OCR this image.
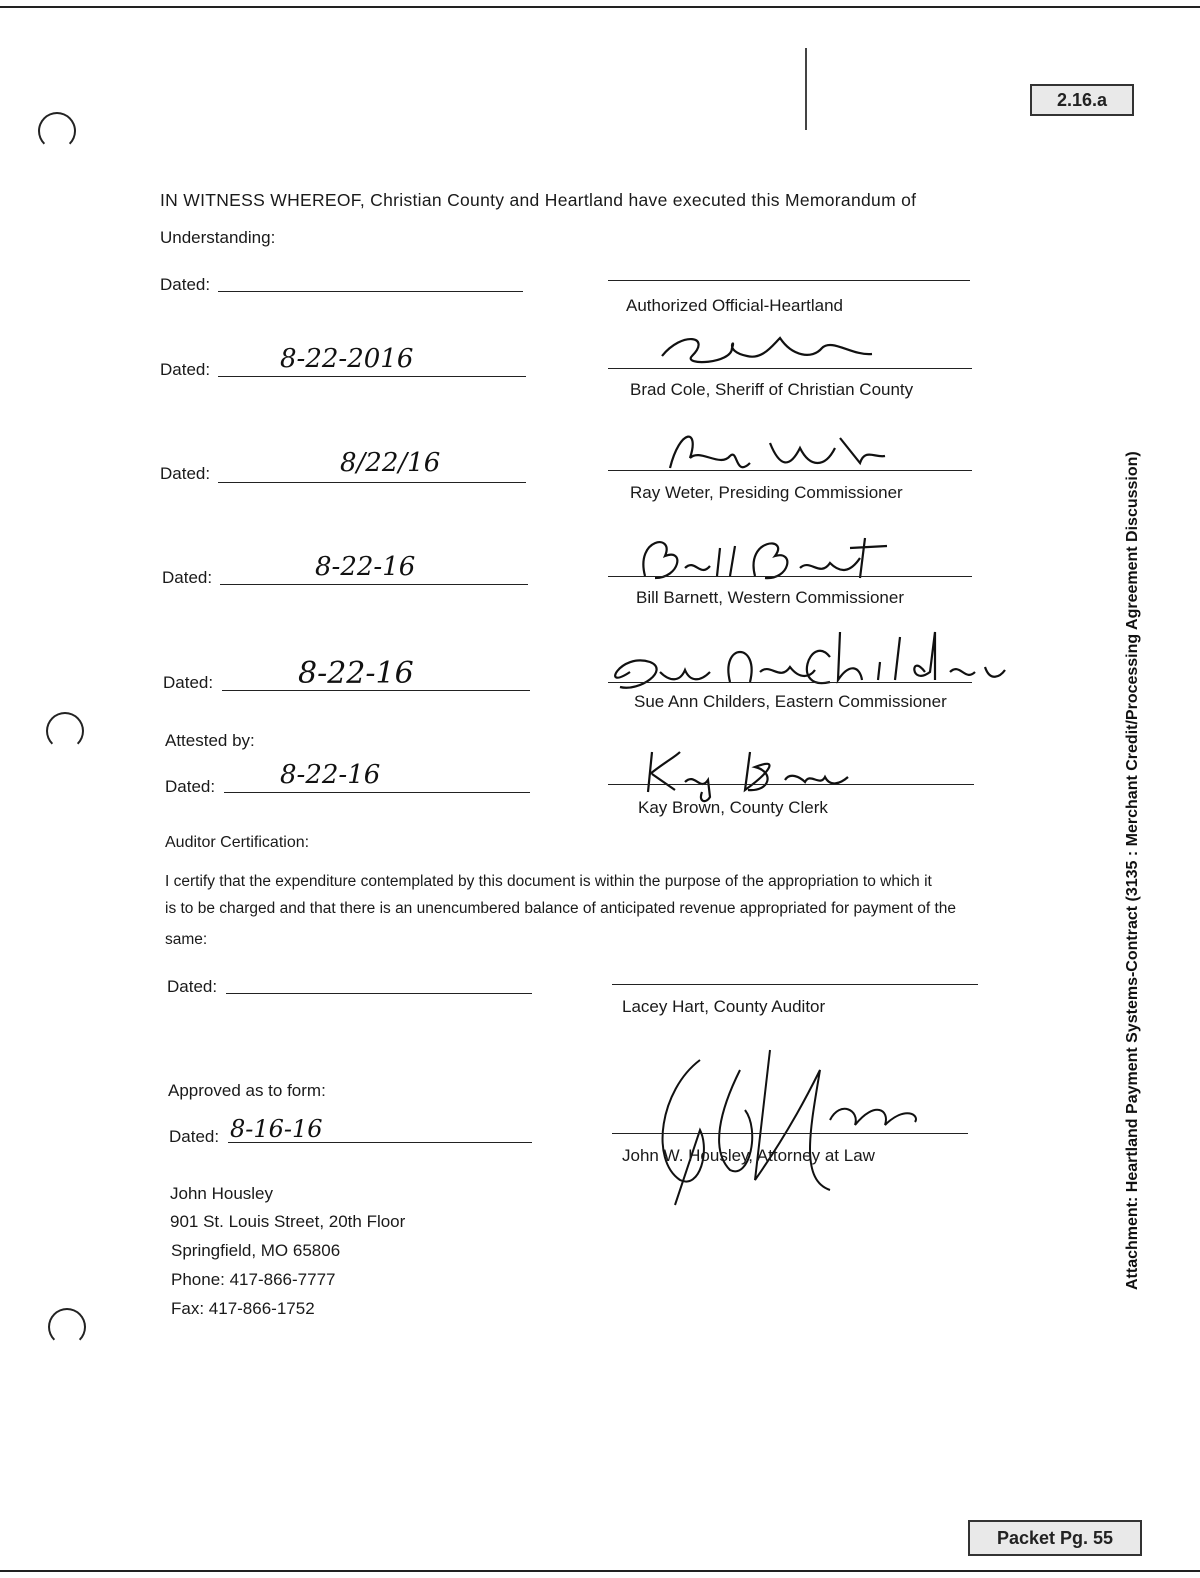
2.16.a
Packet Pg. 55
Attachment: Heartland Payment Systems-Contract (3135 : Merchant Credit/Processing Agreement Discussion)
IN WITNESS WHEREOF, Christian County and Heartland have executed this Memorandum of
Understanding:
Dated:
Authorized Official-Heartland
Dated:	8-22-2016
Brad Cole, Sheriff of Christian County
Dated:	8/22/16
Ray Weter, Presiding Commissioner
Dated:	8-22-16
Bill Barnett, Western Commissioner
Dated:	8-22-16
Sue Ann Childers, Eastern Commissioner
Attested by:
Dated: 8-22-16
Kay Brown, County Clerk
Auditor Certification:
I certify that the expenditure contemplated by this document is within the purpose of the appropriation to which it
is to be charged and that there is an unencumbered balance of anticipated revenue appropriated for payment of the
same:
Dated:
Lacey Hart, County Auditor
Approved as to form:
Dated: 8-16-16
John W. Housley, Attorney at Law
John Housley
901 St. Louis Street, 20th Floor
Springfield, MO 65806
Phone: 417-866-7777
Fax: 417-866-1752
